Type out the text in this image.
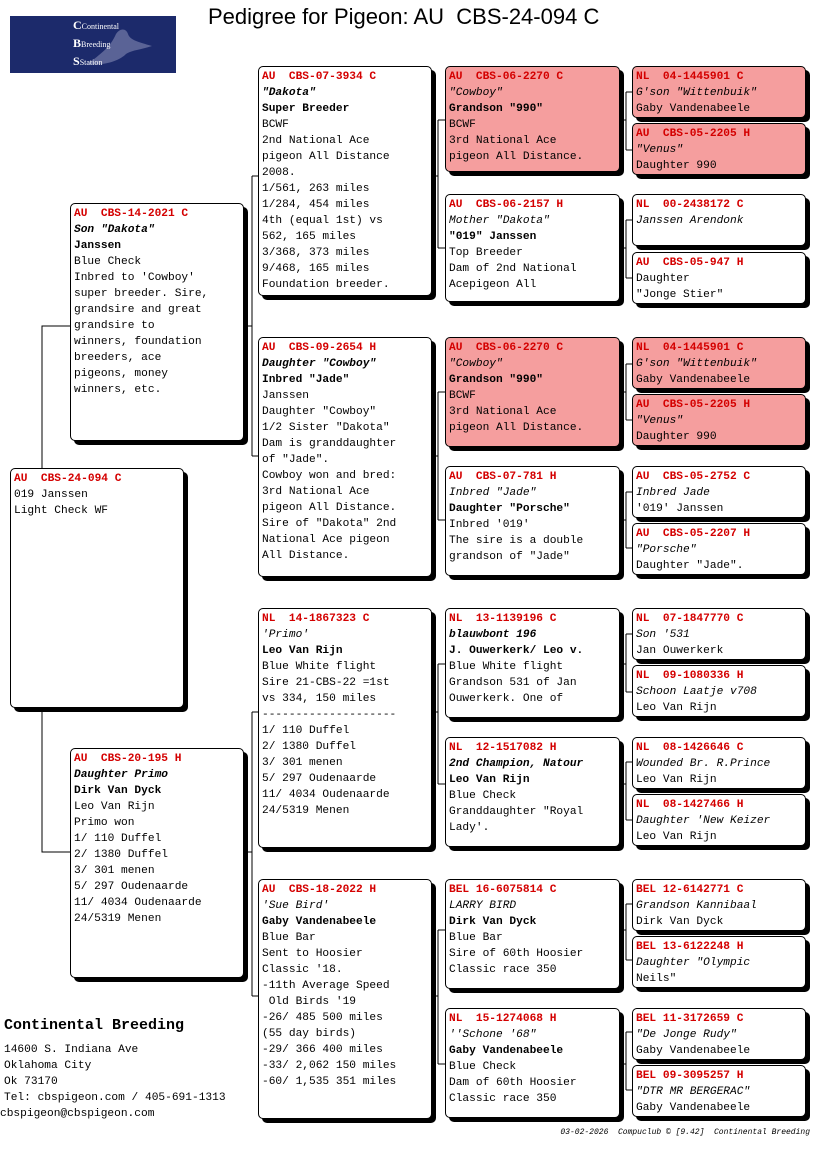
Pedigree for Pigeon: AU  CBS-24-094 C
CContinental
BBreeding
SStation
AU  CBS-24-094 C
019 Janssen
Light Check WF
AU  CBS-14-2021 C
Son "Dakota"
Janssen
Blue Check
Inbred to 'Cowboy'
super breeder. Sire,
grandsire and great
grandsire to
winners, foundation
breeders, ace
pigeons, money
winners, etc.
AU  CBS-20-195 H
Daughter Primo
Dirk Van Dyck
Leo Van Rijn
Primo won
1/ 110 Duffel
2/ 1380 Duffel
3/ 301 menen
5/ 297 Oudenaarde
11/ 4034 Oudenaarde
24/5319 Menen
AU  CBS-07-3934 C
"Dakota"
Super Breeder
BCWF
2nd National Ace
pigeon All Distance
2008.
1/561, 263 miles
1/284, 454 miles
4th (equal 1st) vs
562, 165 miles
3/368, 373 miles
9/468, 165 miles
Foundation breeder.
AU  CBS-09-2654 H
Daughter "Cowboy"
Inbred "Jade"
Janssen
Daughter "Cowboy"
1/2 Sister "Dakota"
Dam is granddaughter
of "Jade".
Cowboy won and bred:
3rd National Ace
pigeon All Distance.
Sire of "Dakota" 2nd
National Ace pigeon
All Distance.
NL  14-1867323 C
'Primo'
Leo Van Rijn
Blue White flight
Sire 21-CBS-22 =1st
vs 334, 150 miles
--------------------
1/ 110 Duffel
2/ 1380 Duffel
3/ 301 menen
5/ 297 Oudenaarde
11/ 4034 Oudenaarde
24/5319 Menen
AU  CBS-18-2022 H
'Sue Bird'
Gaby Vandenabeele
Blue Bar
Sent to Hoosier
Classic '18.
-11th Average Speed
Old Birds '19
-26/ 485 500 miles
(55 day birds)
-29/ 366 400 miles
-33/ 2,062 150 miles
-60/ 1,535 351 miles
AU  CBS-06-2270 C
"Cowboy"
Grandson "990"
BCWF
3rd National Ace
pigeon All Distance.
AU  CBS-06-2157 H
Mother "Dakota"
"019" Janssen
Top Breeder
Dam of 2nd National
Acepigeon All
AU  CBS-06-2270 C
"Cowboy"
Grandson "990"
BCWF
3rd National Ace
pigeon All Distance.
AU  CBS-07-781 H
Inbred "Jade"
Daughter "Porsche"
Inbred '019'
The sire is a double
grandson of "Jade"
NL  13-1139196 C
blauwbont 196
J. Ouwerkerk/ Leo v.
Blue White flight
Grandson 531 of Jan
Ouwerkerk. One of
NL  12-1517082 H
2nd Champion, Natour
Leo Van Rijn
Blue Check
Granddaughter "Royal
Lady'.
BEL 16-6075814 C
LARRY BIRD
Dirk Van Dyck
Blue Bar
Sire of 60th Hoosier
Classic race 350
NL  15-1274068 H
''Schone '68"
Gaby Vandenabeele
Blue Check
Dam of 60th Hoosier
Classic race 350
NL  04-1445901 C
G'son "Wittenbuik"
Gaby Vandenabeele
AU  CBS-05-2205 H
"Venus"
Daughter 990
NL  00-2438172 C
Janssen Arendonk
AU  CBS-05-947 H
Daughter
"Jonge Stier"
NL  04-1445901 C
G'son "Wittenbuik"
Gaby Vandenabeele
AU  CBS-05-2205 H
"Venus"
Daughter 990
AU  CBS-05-2752 C
Inbred Jade
'019' Janssen
AU  CBS-05-2207 H
"Porsche"
Daughter "Jade".
NL  07-1847770 C
Son '531
Jan Ouwerkerk
NL  09-1080336 H
Schoon Laatje v708
Leo Van Rijn
NL  08-1426646 C
Wounded Br. R.Prince
Leo Van Rijn
NL  08-1427466 H
Daughter 'New Keizer
Leo Van Rijn
BEL 12-6142771 C
Grandson Kannibaal
Dirk Van Dyck
BEL 13-6122248 H
Daughter "Olympic
Neils"
BEL 11-3172659 C
"De Jonge Rudy"
Gaby Vandenabeele
BEL 09-3095257 H
"DTR MR BERGERAC"
Gaby Vandenabeele
Continental Breeding
14600 S. Indiana Ave
Oklahoma City
Ok 73170
Tel: cbspigeon.com / 405-691-1313
cbspigeon@cbspigeon.com
03-02-2026  Compuclub © [9.42]  Continental Breeding
